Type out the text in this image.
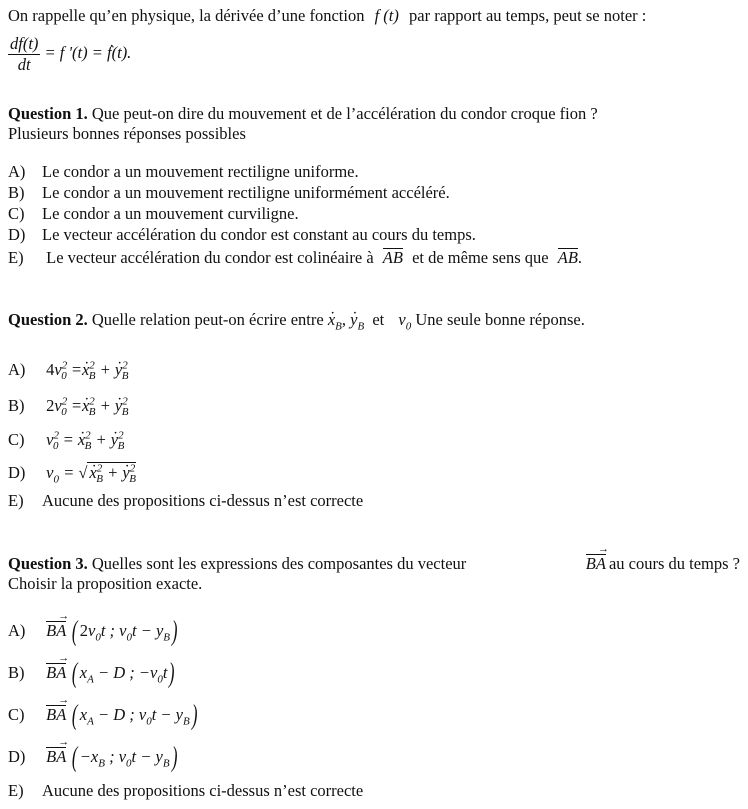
On rappelle qu’en physique, la dérivée d’une fonction f (t) par rapport au temps, peut se noter :
$\frac{df(t)}{dt} = f$ '(t) = f ̇(t).
Question 1. Que peut-on dire du mouvement et de l’accélération du condor croque fion ?
Plusieurs bonnes réponses possibles
A) Le condor a un mouvement rectiligne uniforme.
B) Le condor a un mouvement rectiligne uniformément accéléré.
C) Le condor a un mouvement curviligne.
D) Le vecteur accélération du condor est constant au cours du temps.
E) Le vecteur accélération du condor est colinéaire à AB et de même sens que AB.
Question 2. Quelle relation peut-on écrire entre x $̇_B$, y $̇_B$ et $v_0$ Une seule bonne réponse.
A) $4v^2_0 =x$ ̇$^2_B$ + y ̇$^2_B$
B) $2v^2_0 =x$ ̇$^2_B$ + y ̇$^2_B$
C) $v^2_0 = x$ ̇$^2_B$ + y ̇$^2_B$
D) $v_0$ = √ x ̇$^2_B$ + y ̇$^2_B$
E) Aucune des propositions ci-dessus n’est correcte
Question 3. Quelles sont les expressions des composantes du vecteur	BA → au cours du temps ?
Choisir la proposition exacte.
A) BA → ( $2v_0t$ ; $v_0t - y_B$)
B) BA → ( $x_A - D$ ; $-v_0t$)
C) BA → ( $x_A - D$ ; $v_0t - y_B$)
D) BA → ( $-x_B$ ; $v_0t - y_B$)
E) Aucune des propositions ci-dessus n’est correcte
